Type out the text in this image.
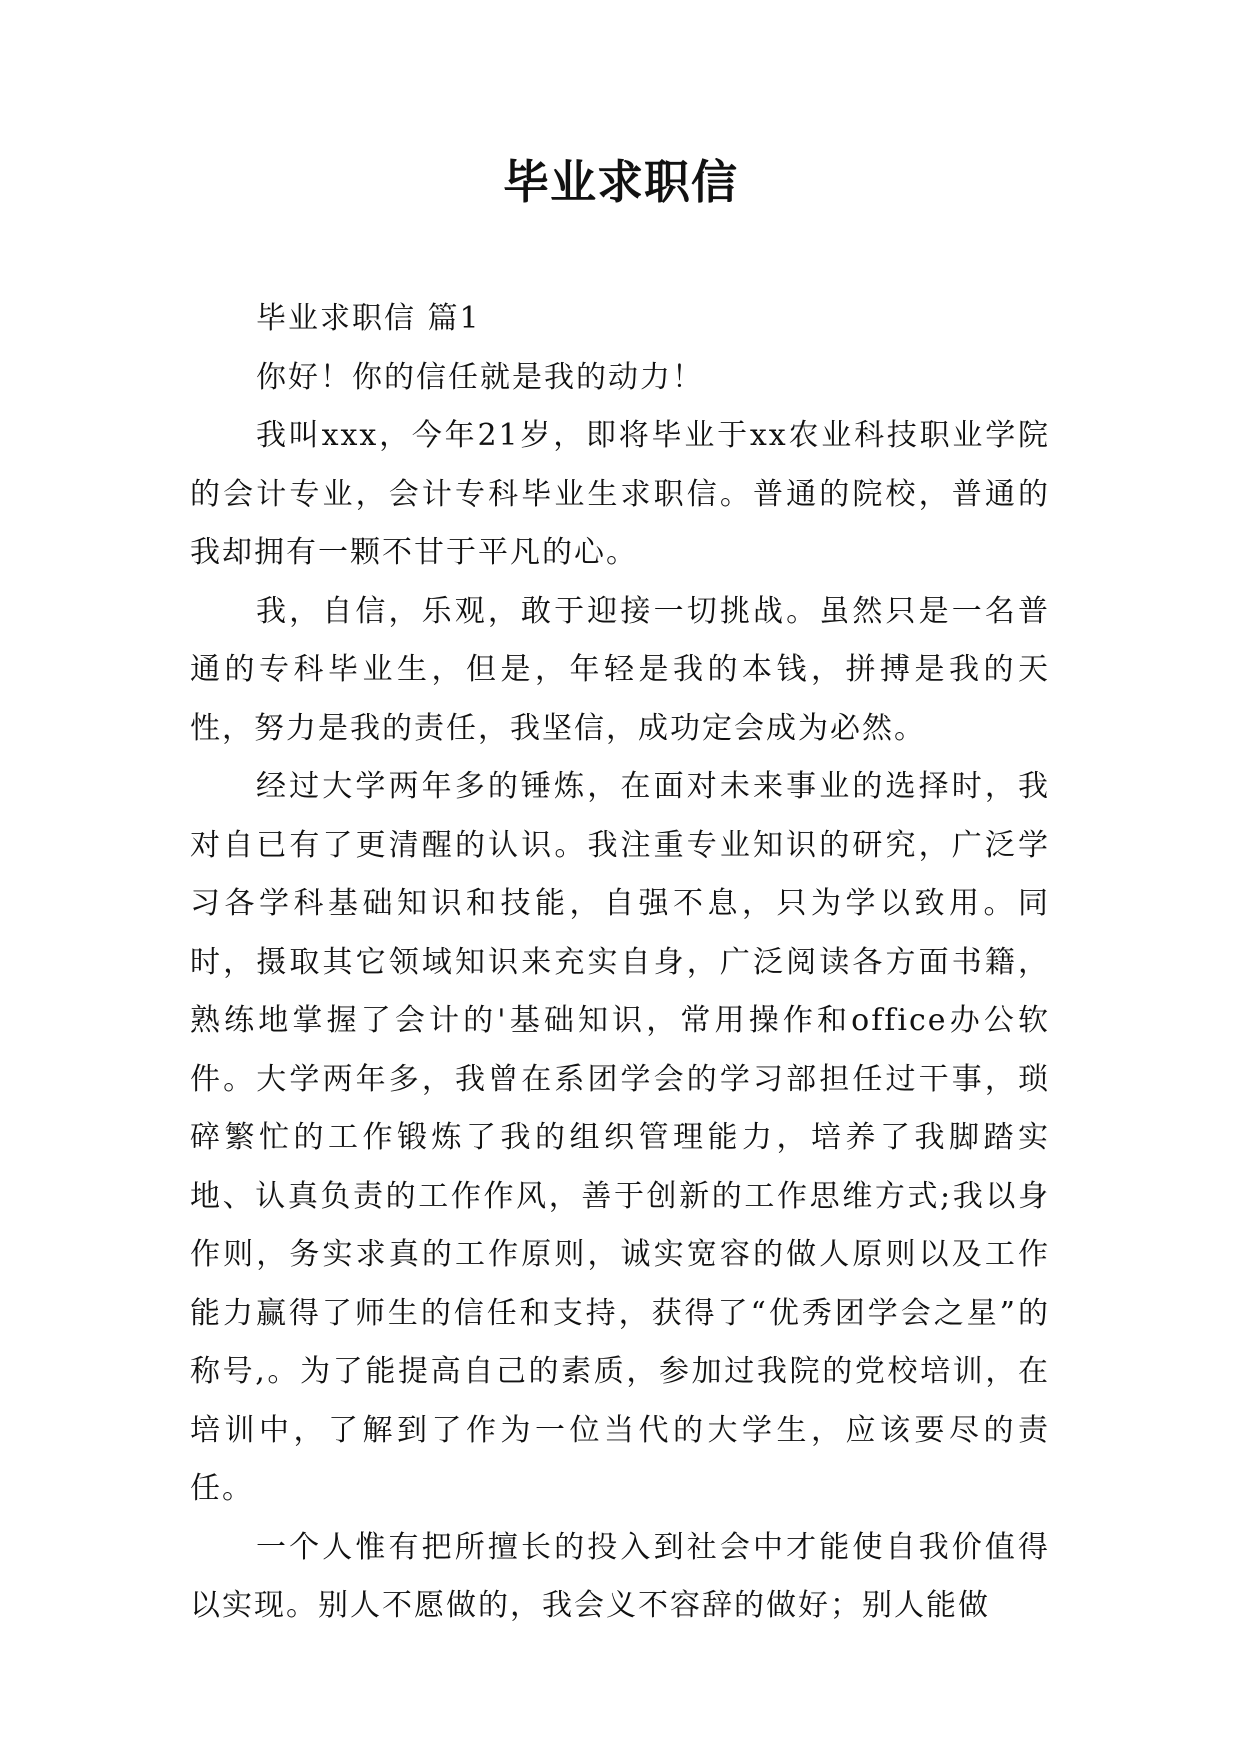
毕业求职信

毕业求职信 篇1

你好！你的信任就是我的动力！

我叫xxx，今年21岁，即将毕业于xx农业科技职业学院的会计专业，会计专科毕业生求职信。普通的院校，普通的我却拥有一颗不甘于平凡的心。

我，自信，乐观，敢于迎接一切挑战。虽然只是一名普通的专科毕业生，但是，年轻是我的本钱，拼搏是我的天性，努力是我的责任，我坚信，成功定会成为必然。

经过大学两年多的锤炼，在面对未来事业的选择时，我对自已有了更清醒的认识。我注重专业知识的研究，广泛学习各学科基础知识和技能，自强不息，只为学以致用。同时，摄取其它领域知识来充实自身，广泛阅读各方面书籍，熟练地掌握了会计的'基础知识，常用操作和office办公软件。大学两年多，我曾在系团学会的学习部担任过干事，琐碎繁忙的工作锻炼了我的组织管理能力，培养了我脚踏实地、认真负责的工作作风，善于创新的工作思维方式;我以身作则，务实求真的工作原则，诚实宽容的做人原则以及工作能力赢得了师生的信任和支持，获得了“优秀团学会之星”的称号,。为了能提高自己的素质，参加过我院的党校培训，在培训中，了解到了作为一位当代的大学生，应该要尽的责任。

一个人惟有把所擅长的投入到社会中才能使自我价值得以实现。别人不愿做的，我会义不容辞的做好；别人能做
